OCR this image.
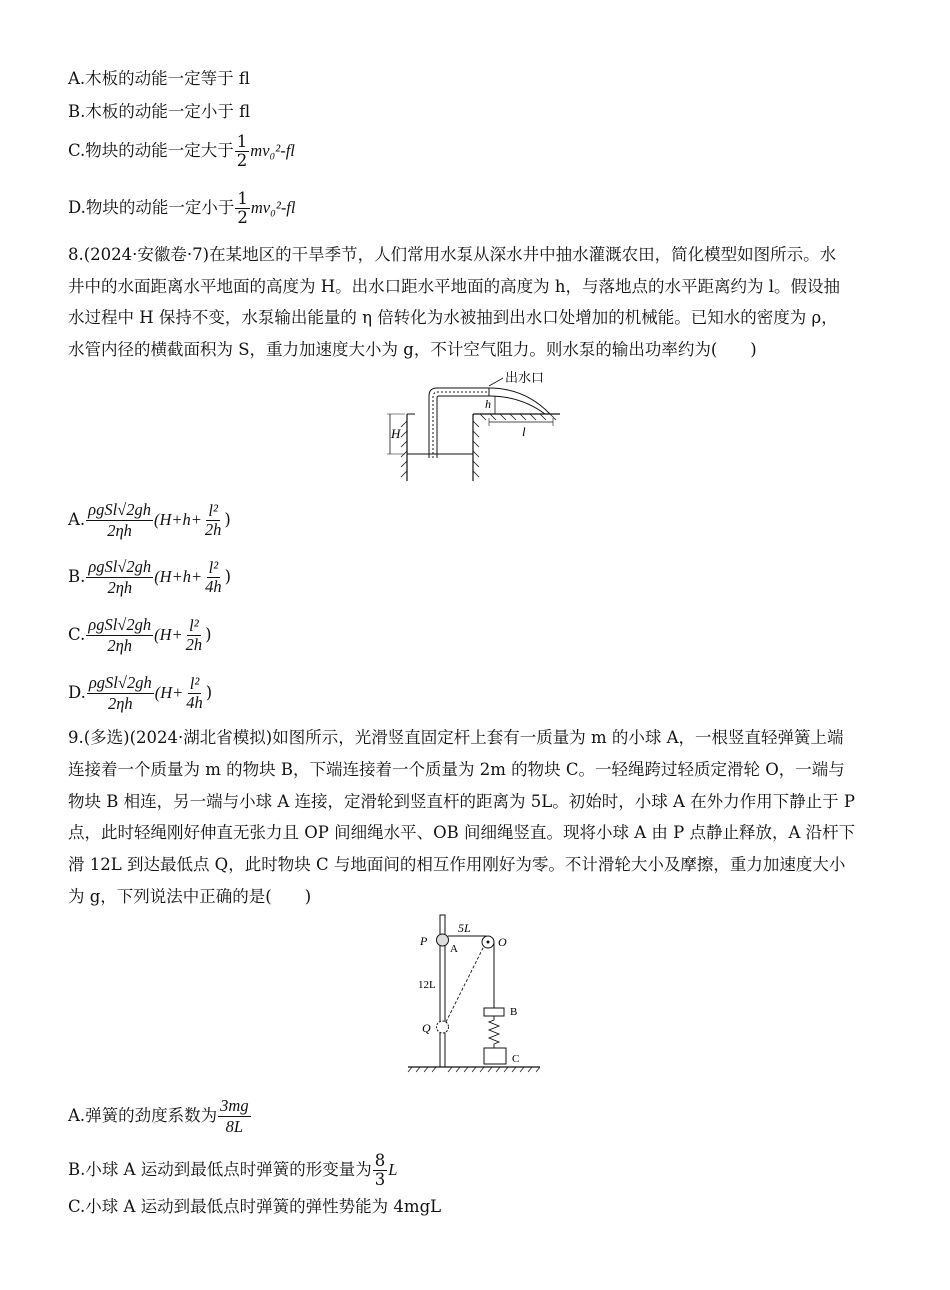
A.木板的动能一定等于 fl
B.木板的动能一定小于 fl
C.物块的动能一定大于 $\frac{1}{2} mv_0^2-fl$
D.物块的动能一定小于 $\frac{1}{2} mv_0^2-fl$
8.(2024·安徽卷·7)在某地区的干旱季节，人们常用水泵从深水井中抽水灌溉农田，简化模型如图所示。水
井中的水面距离水平地面的高度为 H。出水口距水平地面的高度为 h，与落地点的水平距离约为 l。假设抽
水过程中 H 保持不变，水泵输出能量的 η 倍转化为水被抽到出水口处增加的机械能。已知水的密度为 ρ，
水管内径的横截面积为 S，重力加速度大小为 g，不计空气阻力。则水泵的输出功率约为(　　)
出水口
H
h
l
A.
ρgSl√2gh
2ηh
($H+h+ \frac{\text{l²}}{2h}$ )
B.
ρgSl√2gh
2ηh
($H+h+ \frac{\text{l²}}{4h}$ )
C.
ρgSl√2gh
2ηh
($H+ \frac{\text{l²}}{2h}$ )
D.
ρgSl√2gh
2ηh
($H+ \frac{\text{l²}}{4h}$ )
9.(多选)(2024·湖北省模拟)如图所示，光滑竖直固定杆上套有一质量为 m 的小球 A，一根竖直轻弹簧上端
连接着一个质量为 m 的物块 B，下端连接着一个质量为 2m 的物块 C。一轻绳跨过轻质定滑轮 O，一端与
物块 B 相连，另一端与小球 A 连接，定滑轮到竖直杆的距离为 5L。初始时，小球 A 在外力作用下静止于 P
点，此时轻绳刚好伸直无张力且 OP 间细绳水平、OB 间细绳竖直。现将小球 A 由 P 点静止释放，A 沿杆下
滑 12L 到达最低点 Q，此时物块 C 与地面间的相互作用刚好为零。不计滑轮大小及摩擦，重力加速度大小
为 g，下列说法中正确的是(　　)
P
A
5L
O
Q
12L
B
C
A.弹簧的劲度系数为 $\frac{3mg}{8L}$
B.小球 A 运动到最低点时弹簧的形变量为 $\frac{8}{3}$ L
C.小球 A 运动到最低点时弹簧的弹性势能为 4mgL
